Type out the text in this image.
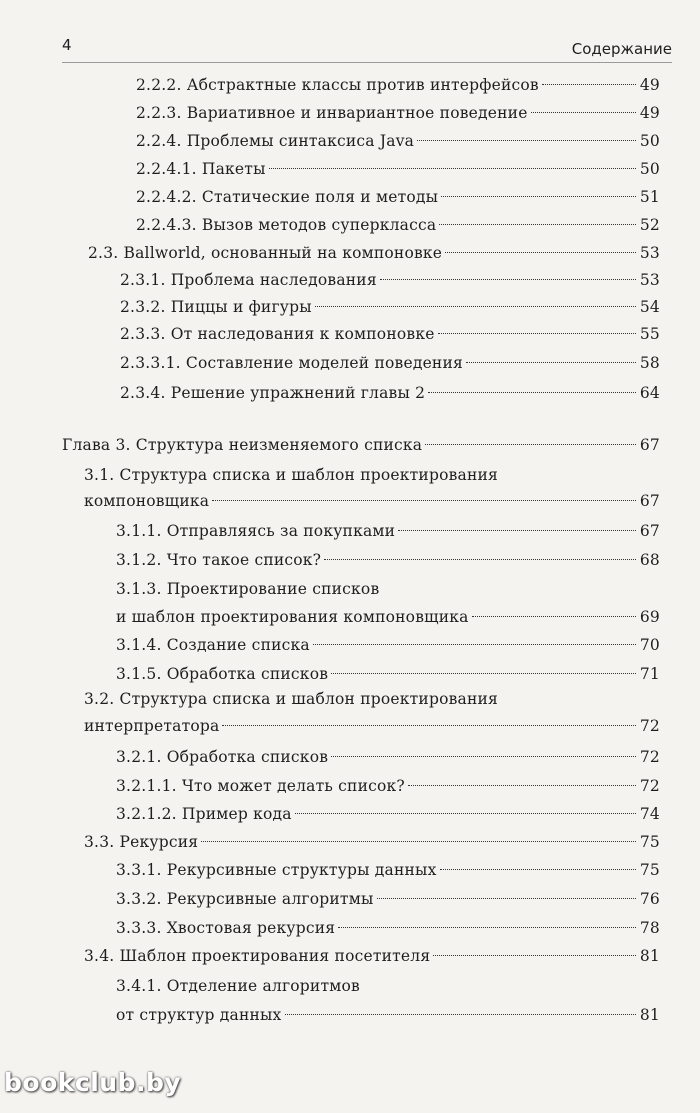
4	Содержание
2.2.2. Абстрактные классы против интерфейсов	49
2.2.3. Вариативное и инвариантное поведение	49
2.2.4. Проблемы синтаксиса Java	50
2.2.4.1. Пакеты	50
2.2.4.2. Статические поля и методы	51
2.2.4.3. Вызов методов суперкласса	52
2.3. Ballworld, основанный на компоновке	53
2.3.1. Проблема наследования	53
2.3.2. Пиццы и фигуры	54
2.3.3. От наследования к компоновке	55
2.3.3.1. Составление моделей поведения	58
2.3.4. Решение упражнений главы 2	64
Глава 3. Структура неизменяемого списка	67
3.1. Структура списка и шаблон проектирования
компоновщика	67
3.1.1. Отправляясь за покупками	67
3.1.2. Что такое список?	68
3.1.3. Проектирование списков
и шаблон проектирования компоновщика	69
3.1.4. Создание списка	70
3.1.5. Обработка списков	71
3.2. Структура списка и шаблон проектирования
интерпретатора	72
3.2.1. Обработка списков	72
3.2.1.1. Что может делать список?	72
3.2.1.2. Пример кода	74
3.3. Рекурсия	75
3.3.1. Рекурсивные структуры данных	75
3.3.2. Рекурсивные алгоритмы	76
3.3.3. Хвостовая рекурсия	78
3.4. Шаблон проектирования посетителя	81
3.4.1. Отделение алгоритмов
от структур данных	81
bookclub.by
